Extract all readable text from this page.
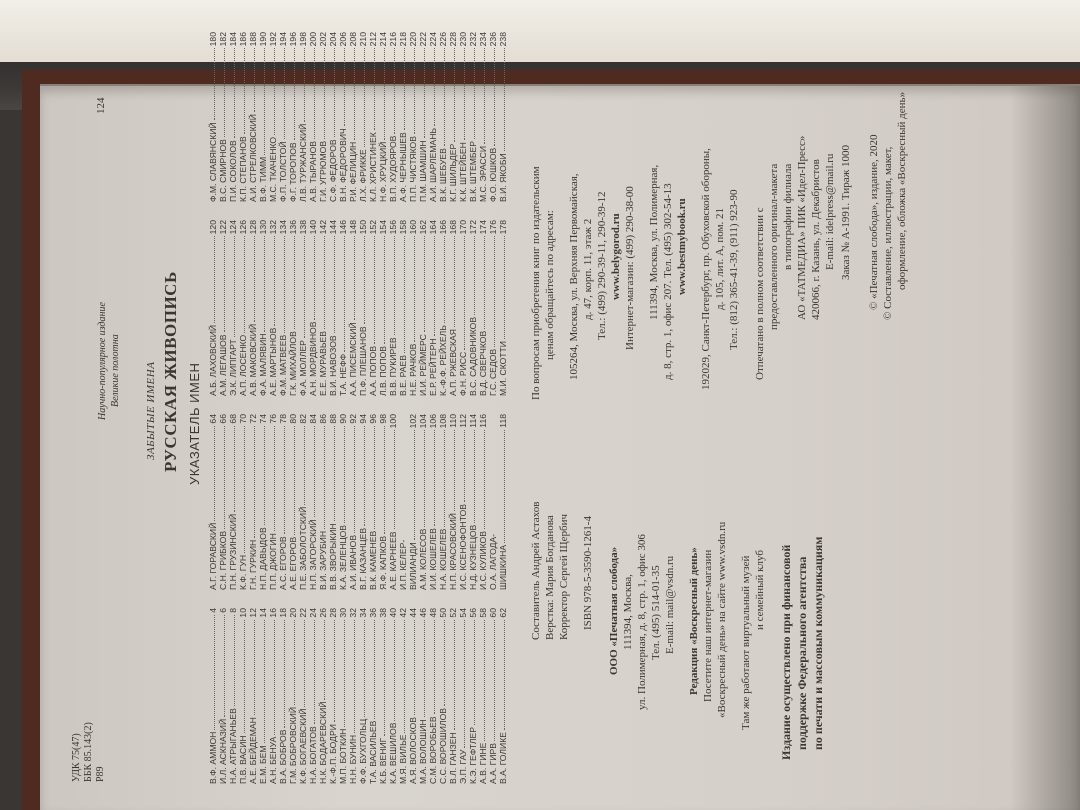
УДК 75(47) ББК 85.143(2) Р89
Научно-популярное издание Великие полотна
124
ЗАБЫТЫЕ ИМЕНА РУССКАЯ ЖИВОПИСЬ УКАЗАТЕЛЬ ИМЕН
В.Ф. АММОН
4
И.Л. АСКНАЗИЙ
6
Н.А. АТРЫГАНЬЕВ
8
П.В. ВАСИН
10
А.Е. БЕЙДЕМАН
12
Е.М. БЕМ
14
А.Н. БЕНУА
16
В.А. БОБРОВ
18
Г.М. БОБРОВСКИЙ
20
К.Ф. БОГАЕВСКИЙ
22
Н.А. БОГАТОВ
24
Н.К. БОДАРЕВСКИЙ
26
К.-Ф.П. БОДРИ
28
М.П. БОТКИН
30
Н.Н. БУНИН
32
Ф.Ф. БУХГОЛЬЦ
34
Т.А. ВАСИЛЬЕВ
36
К.Б. ВЕНИГ
38
К.А. ВЕШИЛОВ
40
М.Я. ВИЛЬЕ
42
А.Я. ВОЛОСКОВ
44
М.А. ВОЛОШИН
46
С.М. ВОРОБЬЕВ
48
С.С. ВОРОШИЛОВ
50
В.Л. ГАНЗЕН
52
Э.П. ГАУ
54
К.Э. ГЕФТЛЕР
56
А.В. ГИНЕ
58
А.А. ГИРВ
60
В.А. ГОЛИКЕ
62
А.Г. ГОРАВСКИЙ
64
С.Н. ГРИБКОВ
66
П.Н. ГРУЗИНСКИЙ
68
К.Ф. ГУН
70
Г.Н. ГУРКИН
72
Н.П. ДАВЫДОВ
74
П.П. ДЖОГИН
76
А.С. ЕГОРОВ
78
А.Е. ЕГОРОВ
80
П.Е. ЗАБОЛОТСКИЙ
82
Н.П. ЗАГОРСКИЙ
84
В.И. ЗАРУБИН
86
В.В. ЗВОРЫКИН
88
К.А. ЗЕЛЕНЦОВ
90
А.И. ИВАНОВ
92
В.Г. КАЗАНЦЕВ
94
В.К. КАМЕНЕВ
96
Я.Ф. КАПКОВ
98
А.Е. КАРНЕЕВ
100
И.П. КЕЛЕР- ВИЛИАНДИ
102
А.М. КОЛЕСОВ
104
И.И. КОШЕЛЕВ
106
Н.А. КОШЕЛЕВ
108
Н.П. КРАСОВСКИЙ
110
И.С. КСЕНОФОНТОВ
112
Н.Д. КУЗНЕЦОВ
114
И.С. КУЛИКОВ
116
О.А. ЛАГОДА- ШИШКИНА
118
А.Б. ЛАХОВСКИЙ
120
А.М. ЛЕГАШОВ
122
Э.К. ЛИПГАРТ
124
А.П. ЛОСЕНКО
126
А.В. МАКОВСКИЙ
128
Ф.А. МАЛЯВИН
130
А.Е. МАРТЫНОВ
132
Ф.М. МАТВЕЕВ
134
Г.К. МИХАЙЛОВ
136
Ф.А. МОЛЛЕР
138
А.Н. МОРДВИНОВ
140
Е.Е. МУРАВЬЕВ
142
В.И. НАВОЗОВ
144
Т.А. НЕФФ
146
А.А. ПИСЕМСКИЙ
148
П.Ф. ПЛЕШАНОВ
150
А.А. ПОПОВ
152
Л.В. ПОПОВ
154
В.В. ПУКИРЕВ
156
В.Е. РАЕВ
158
Н.Е. РАЧКОВ
160
И.И. РЕЙМЕРС
162
Е.Р. РЕЙТЕРН
164
К.-Ф.Ф. РЕЙХЕЛЬ
166
А.П. РЖЕВСКАЯ
168
Ф.Н. РИСС
170
В.С. САДОВНИКОВ
172
В.Д. СВЕРЧКОВ
174
Г.С. СЕДОВ
176
М.И. СКОТТИ
178
Ф.М. СЛАВЯНСКИЙ
180
В.С. СМИРНОВ
182
П.И. СОКОЛОВ
184
К.П. СТЕПАНОВ
186
А.И. СТРЕЛКОВСКИЙ
188
В.Ф. ТИММ
190
М.С. ТКАЧЕНКО
192
Ф.П. ТОЛСТОЙ
194
Ф.Г. ТОРОПОВ
196
Л.В. ТУРЖАНСКИЙ
198
А.В. ТЫРАНОВ
200
Г.И. УГРЮМОВ
202
С.Ф. ФЕДОРОВ
204
В.Н. ФЕДОРОВИЧ
206
Р.И. ФЕЛИЦИН
208
Л.Х. ФРИККЕ
210
К.Л. ХРИСТИНЕК
212
Н.Ф. ХРУЦКИЙ
214
В.П. ХУДОЯРОВ
216
А.Ф. ЧЕРНЫШЕВ
218
П.П. ЧИСТЯКОВ
220
П.М. ШАМШИН
222
А.И. ШАРЛЕМАНЬ
224
В.К. ШЕБУЕВ
226
К.Г. ШИЛЬДЕР
228
К.К. ШТЕЙБЕН
230
В.К. ШТЕМБЕР
232
М.С. ЭРАССИ
234
Ф.О. ЮШКОВ
236
В.И. ЯКОБИ
238
Составитель Андрей Астахов Верстка: Мария Богданова Корректор Сергей Щербич ISBN 978-5-3590-1261-4 ООО «Печатная слобода» 111394, Москва, ул. Полимерная, д. 8, стр. 1, офис 306 Тел. (495) 514-01-35 E-mail: mail@vsdn.ru Редакция «Воскресный день» Посетите наш интернет-магазин «Воскресный день» на сайте www.vsdn.ru Там же работают виртуальный музей и семейный клуб Издание осуществлено при финансовой поддержке Федерального агентства по печати и массовым коммуникациям
По вопросам приобретения книг по издательским ценам обращайтесь по адресам: 105264, Москва, ул. Верхняя Первомайская, д. 47, корп. 11, этаж 2 Тел.: (499) 290-39-11, 290-39-12 www.belygorod.ru Интернет-магазин: (499) 290-38-00 111394, Москва, ул. Полимерная, д. 8, стр. 1, офис 207. Тел. (495) 302-54-13 www.bestmybook.ru 192029, Санкт-Петербург, пр. Обуховской обороны, д. 105, лит. А, пом. 21 Тел.: (812) 365-41-39, (911) 923-90 Отпечатано в полном соответствии с предоставленного оригинал-макета в типографии филиала АО «ТАТМЕДИА» ПИК «Идел-Пресс» 420066, г. Казань, ул. Декабристов E-mail: idelpress@mail.ru Заказ № А-1991. Тираж 1000 © «Печатная слобода», издание, 2020 © Составление, иллюстрации, макет, оформление, обложка «Воскресный день»
